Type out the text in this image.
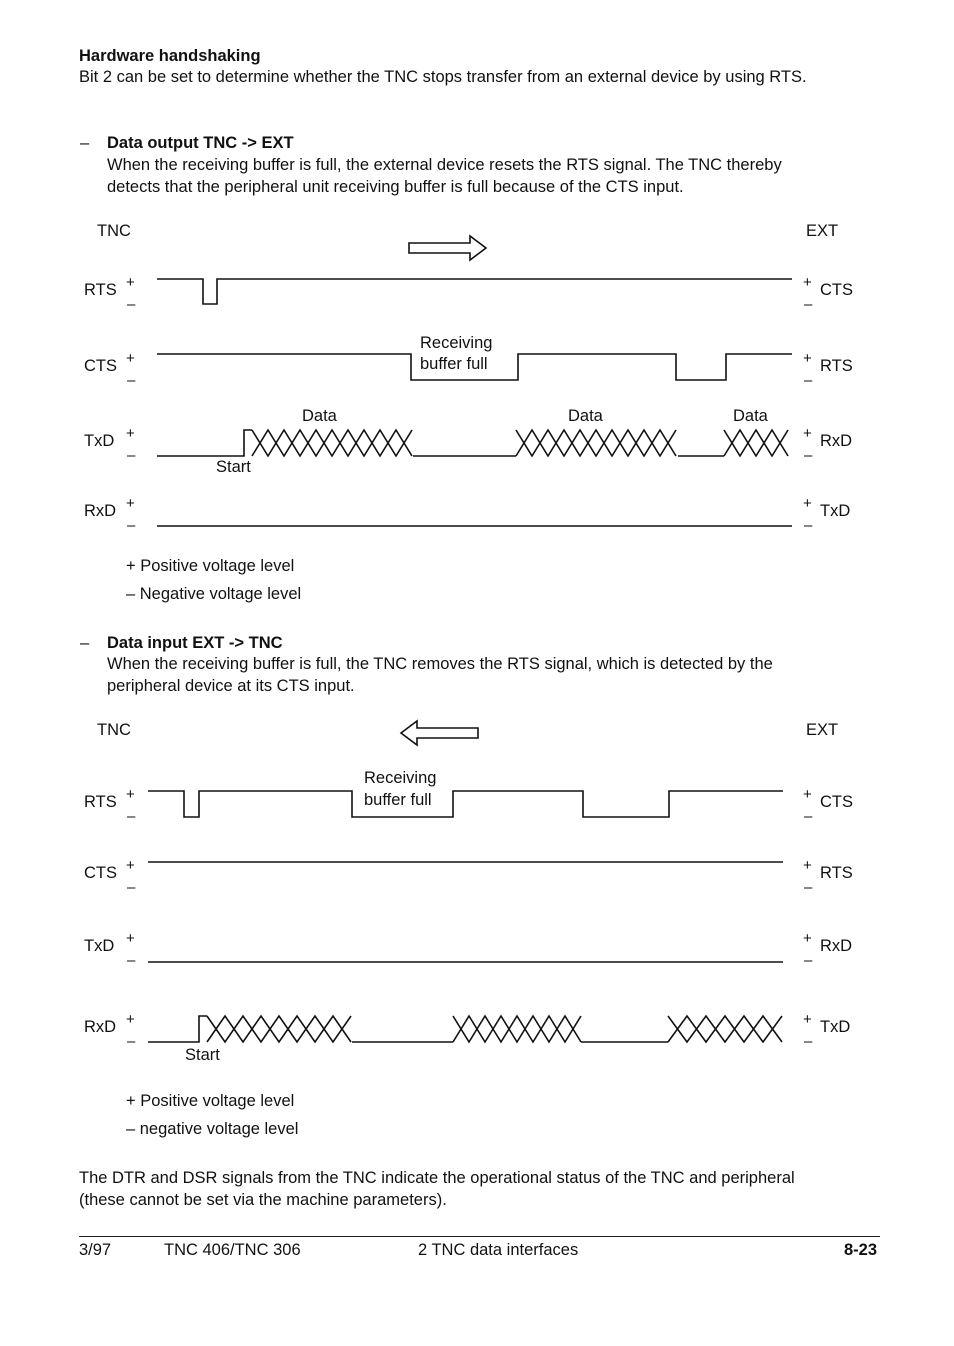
Hardware handshaking
Bit 2 can be set to determine whether the TNC stops transfer from an external device by using RTS.
– Data output TNC -> EXT
When the receiving buffer is full, the external device resets the RTS signal. The TNC thereby
detects that the peripheral unit receiving buffer is full because of the CTS input.
TNC	EXT
RTS
CTS
TxD
RxD
CTS
RTS
RxD
TxD
+
–
+
–
+
–
+
–
+
–
+
–
+
–
+
–
Receiving
buffer full
Data	Data	Data
Start
+ Positive voltage level
– Negative voltage level
– Data input EXT -> TNC
When the receiving buffer is full, the TNC removes the RTS signal, which is detected by the
peripheral device at its CTS input.
TNC	EXT
RTS
CTS
TxD
RxD
CTS
RTS
RxD
TxD
+
–
+
–
+
–
+
–
+
–
+
–
+
–
+
–
Receiving
buffer full
Start
+ Positive voltage level
– negative voltage level
The DTR and DSR signals from the TNC indicate the operational status of the TNC and peripheral
(these cannot be set via the machine parameters).
3/97	TNC 406/TNC 306	2 TNC data interfaces	8-23
